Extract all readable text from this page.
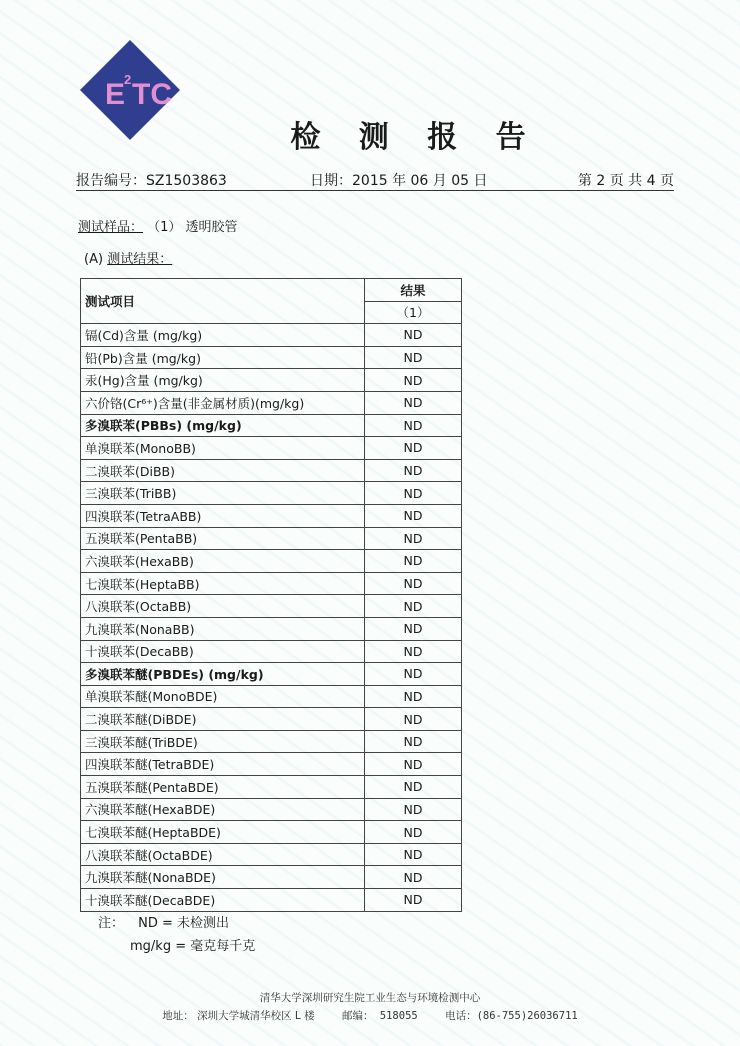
E
2 TC
检 测 报 告
报告编号：SZ1503863	日期：2015 年 06 月 05 日	第 2 页 共 4 页
测试样品： （1） 透明胶管
(A) 测试结果：
测试项目	结果
	（1）
镉(Cd)含量 (mg/kg)	ND
铅(Pb)含量 (mg/kg)	ND
汞(Hg)含量 (mg/kg)	ND
六价铬(Cr⁶⁺)含量(非金属材质)(mg/kg)	ND
多溴联苯(PBBs) (mg/kg)	ND
单溴联苯(MonoBB)	ND
二溴联苯(DiBB)	ND
三溴联苯(TriBB)	ND
四溴联苯(TetraABB)	ND
五溴联苯(PentaBB)	ND
六溴联苯(HexaBB)	ND
七溴联苯(HeptaBB)	ND
八溴联苯(OctaBB)	ND
九溴联苯(NonaBB)	ND
十溴联苯(DecaBB)	ND
多溴联苯醚(PBDEs) (mg/kg)	ND
单溴联苯醚(MonoBDE)	ND
二溴联苯醚(DiBDE)	ND
三溴联苯醚(TriBDE)	ND
四溴联苯醚(TetraBDE)	ND
五溴联苯醚(PentaBDE)	ND
六溴联苯醚(HexaBDE)	ND
七溴联苯醚(HeptaBDE)	ND
八溴联苯醚(OctaBDE)	ND
九溴联苯醚(NonaBDE)	ND
十溴联苯醚(DecaBDE)	ND
注： ND = 未检测出
mg/kg = 毫克每千克
清华大学深圳研究生院工业生态与环境检测中心
地址： 深圳大学城清华校区 L 楼	邮编： 518055	电话：(86-755)26036711
